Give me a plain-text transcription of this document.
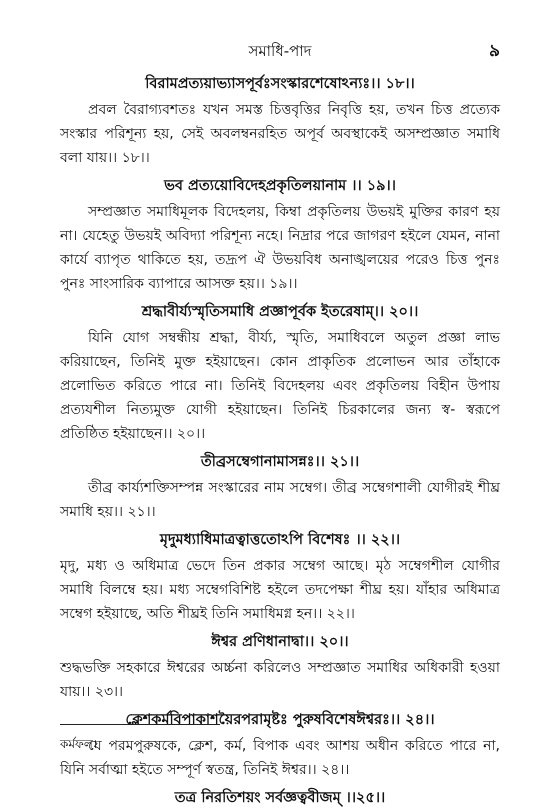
সমাধি-পাদ	৯
বিরামপ্রত্যয়াভ্যাসপূর্বঃসংস্কারশেষোঽন্যঃ।। ১৮।।

প্রবল বৈরাগ্যবশতঃ যখন সমস্ত চিত্তবৃত্তির নিবৃত্তি হয়, তখন চিত্ত প্রত্যেক সংস্কার পরিশূন্য হয়, সেই অবলম্বনরহিত অপূর্ব অবস্থাকেই অসম্প্রজ্ঞাত সমাধি বলা যায়।। ১৮।।

ভব প্রত্যয়োবিদেহপ্রকৃতিলয়ানাম ।। ১৯।।

সম্প্রজ্ঞাত সমাধিমূলক বিদেহলয়, কিম্বা প্রকৃতিলয় উভয়ই মুক্তির কারণ হয় না। যেহেতু উভয়ই অবিদ্যা পরিশূন্য নহে। নিদ্রার পরে জাগরণ হইলে যেমন, নানা কার্যে ব্যাপৃত থাকিতে হয়, তদ্রূপ ঐ উভয়বিধ অনাঙ্খলয়ের পরেও চিত্ত পুনঃ পুনঃ সাংসারিক ব্যাপারে আসক্ত হয়।। ১৯।।

শ্রদ্ধাবীর্য্যস্মৃতিসমাধি প্রজ্ঞাপূর্বক ইতরেষাম্।। ২০।।

যিনি যোগ সম্বন্ধীয় শ্রদ্ধা, বীর্য্য, স্মৃতি, সমাধিবলে অতুল প্রজ্ঞা লাভ করিয়াছেন, তিনিই মুক্ত হইয়াছেন। কোন প্রাকৃতিক প্রলোভন আর তাঁহাকে প্রলোভিত করিতে পারে না। তিনিই বিদেহলয় এবং প্রকৃতিলয় বিহীন উপায় প্রত্যযশীল নিত্যমুক্ত যোগী হইয়াছেন। তিনিই চিরকালের জন্য স্ব- স্বরূপে প্রতিষ্ঠিত হইয়াছেন।। ২০।।

তীব্রসম্বেগানামাসন্নঃ।। ২১।।

তীব্র কার্য্যশক্তিসম্পন্ন সংস্কারের নাম সম্বেগ। তীব্র সম্বেগশালী যোগীরই শীঘ্র সমাধি হয়।। ২১।।

মৃদুমধ্যাধিমাত্রত্বাত্ততোঽপি বিশেষঃ ।। ২২।।

মৃদু, মধ্য ও অধিমাত্র ভেদে তিন প্রকার সম্বেগ আছে। মৃঠ সম্বেগশীল যোগীর সমাধি বিলম্বে হয়। মধ্য সম্বেগবিশিষ্ট হইলে তদপেক্ষা শীঘ্র হয়। যাঁহার অধিমাত্র সম্বেগ হইয়াছে, অতি শীঘ্রই তিনি সমাধিমগ্ন হন।। ২২।।

ঈশ্বর প্রণিধানাদ্বা।। ২০।।

শুদ্ধভক্তি সহকারে ঈশ্বরের অর্চ্চনা করিলেও সম্প্রজ্ঞাত সমাধির অধিকারী হওয়া যায়।। ২৩।।

ক্লেশকর্মবিপাকাশয়ৈরপরামৃষ্টঃ পুরুষবিশেষঈশ্বরঃ।। ২৪।।

যে পরমপুরুষকে, ক্লেশ, কর্ম, বিপাক এবং আশয় অধীন করিতে পারে না, যিনি সর্বাত্মা হইতে সম্পূর্ণ স্বতন্ত্র, তিনিই ঈশ্বর।। ২৪।।

তত্র নিরতিশয়ং সর্বজ্ঞত্ববীজম্ ।।২৫।।
কর্মফল।
